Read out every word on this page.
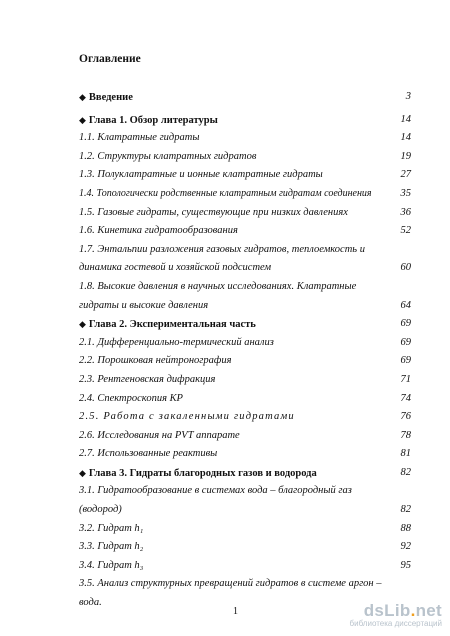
Оглавление
◆ Введение	3
◆ Глава 1. Обзор литературы	14
1.1. Клатратные гидраты	14
1.2. Структуры клатратных гидратов	19
1.3. Полуклатратные и ионные клатратные гидраты	27
1.4. Топологически родственные клатратным гидратам соединения	35
1.5. Газовые гидраты, существующие при низких давлениях	36
1.6. Кинетика гидратообразования	52
1.7. Энтальпии разложения газовых гидратов, теплоемкость и динамика гостевой и хозяйской подсистем	60
1.8. Высокие давления в научных исследованиях. Клатратные гидраты и высокие давления	64
◆ Глава 2. Экспериментальная часть	69
2.1. Дифференциально-термический анализ	69
2.2. Порошковая нейтронография	69
2.3. Рентгеновская дифракция	71
2.4. Спектроскопия КР	74
2.5. Работа с закаленными гидратами	76
2.6. Исследования на PVT аппарате	78
2.7. Использованные реактивы	81
◆ Глава 3. Гидраты благородных газов и водорода	82
3.1. Гидратообразование в системах вода – благородный газ (водород)	82
3.2. Гидрат h₁	88
3.3. Гидрат h₂	92
3.4. Гидрат h₃	95
3.5. Анализ структурных превращений гидратов в системе аргон – вода.
1	dsLib.net
библиотека диссертаций
